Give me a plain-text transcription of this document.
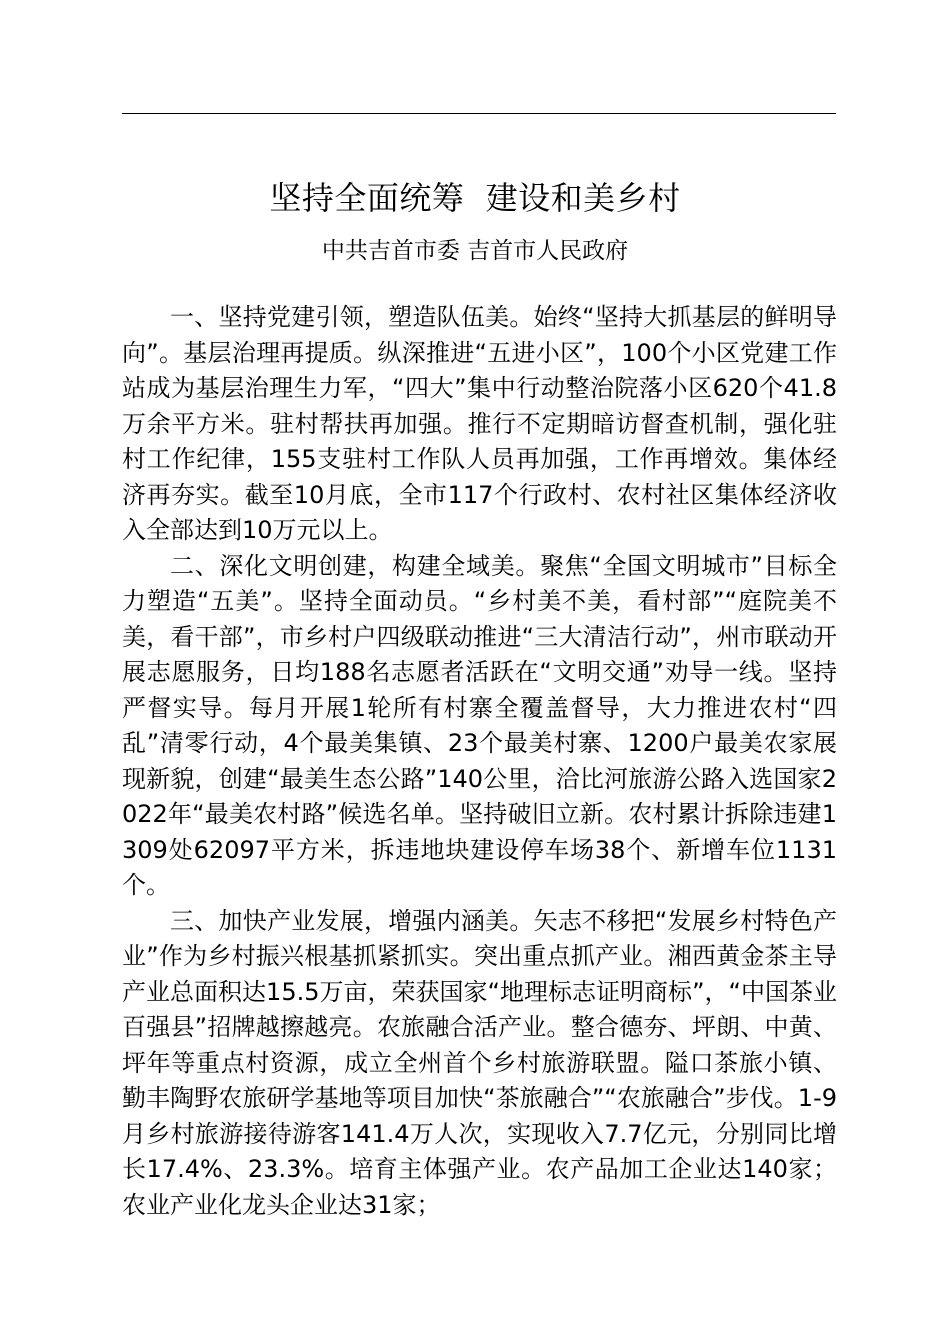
坚持全面统筹  建设和美乡村
中共吉首市委 吉首市人民政府

一、坚持党建引领，塑造队伍美。始终“坚持大抓基层的鲜明导向”。基层治理再提质。纵深推进“五进小区”，100个小区党建工作站成为基层治理生力军，“四大”集中行动整治院落小区620个41.8万余平方米。驻村帮扶再加强。推行不定期暗访督查机制，强化驻村工作纪律，155支驻村工作队人员再加强，工作再增效。集体经济再夯实。截至10月底，全市117个行政村、农村社区集体经济收入全部达到10万元以上。

二、深化文明创建，构建全域美。聚焦“全国文明城市”目标全力塑造“五美”。坚持全面动员。“乡村美不美，看村部”“庭院美不美，看干部”，市乡村户四级联动推进“三大清洁行动”，州市联动开展志愿服务，日均188名志愿者活跃在“文明交通”劝导一线。坚持严督实导。每月开展1轮所有村寨全覆盖督导，大力推进农村“四乱”清零行动，4个最美集镇、23个最美村寨、1200户最美农家展现新貌，创建“最美生态公路”140公里，洽比河旅游公路入选国家2022年“最美农村路”候选名单。坚持破旧立新。农村累计拆除违建1309处62097平方米，拆违地块建设停车场38个、新增车位1131个。

三、加快产业发展，增强内涵美。矢志不移把“发展乡村特色产业”作为乡村振兴根基抓紧抓实。突出重点抓产业。湘西黄金茶主导产业总面积达15.5万亩，荣获国家“地理标志证明商标”，“中国茶业百强县”招牌越擦越亮。农旅融合活产业。整合德夯、坪朗、中黄、坪年等重点村资源，成立全州首个乡村旅游联盟。隘口茶旅小镇、勤丰陶野农旅研学基地等项目加快“茶旅融合”“农旅融合”步伐。1-9月乡村旅游接待游客141.4万人次，实现收入7.7亿元，分别同比增长17.4%、23.3%。培育主体强产业。农产品加工企业达140家；农业产业化龙头企业达31家；
